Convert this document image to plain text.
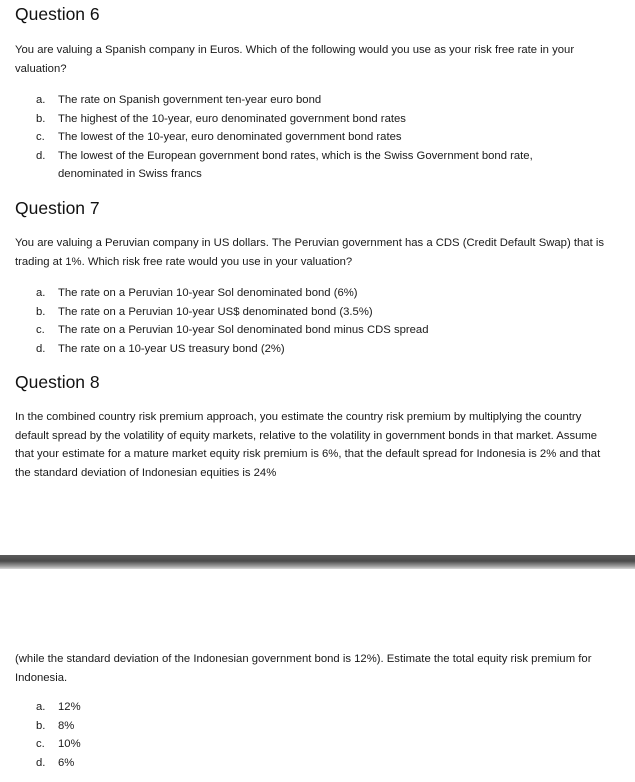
Question 6

You are valuing a Spanish company in Euros. Which of the following would you use as your risk free rate in your valuation?

a. The rate on Spanish government ten-year euro bond
b. The highest of the 10-year, euro denominated government bond rates
c. The lowest of the 10-year, euro denominated government bond rates
d. The lowest of the European government bond rates, which is the Swiss Government bond rate, denominated in Swiss francs
Question 7

You are valuing a Peruvian company in US dollars. The Peruvian government has a CDS (Credit Default Swap) that is trading at 1%. Which risk free rate would you use in your valuation?

a. The rate on a Peruvian 10-year Sol denominated bond (6%)
b. The rate on a Peruvian 10-year US$ denominated bond (3.5%)
c. The rate on a Peruvian 10-year Sol denominated bond minus CDS spread
d. The rate on a 10-year US treasury bond (2%)
Question 8

In the combined country risk premium approach, you estimate the country risk premium by multiplying the country default spread by the volatility of equity markets, relative to the volatility in government bonds in that market. Assume that your estimate for a mature market equity risk premium is 6%, that the default spread for Indonesia is 2% and that the standard deviation of Indonesian equities is 24%

(while the standard deviation of the Indonesian government bond is 12%). Estimate the total equity risk premium for Indonesia.

a. 12%
b. 8%
c. 10%
d. 6%
